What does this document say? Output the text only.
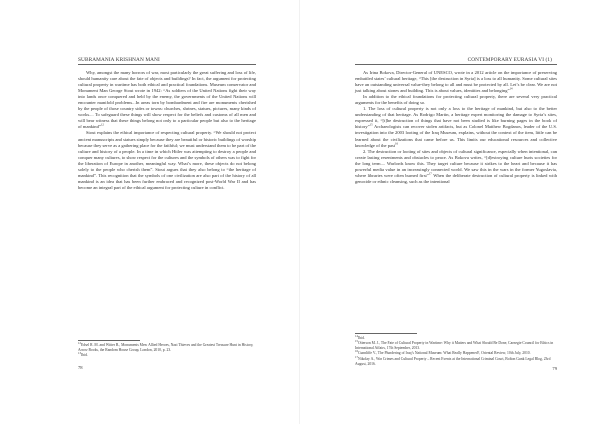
SUBRAMANIA KRISHNAN MANI

Why, amongst the many horrors of war, most particularly the great suffering and loss of life, should humanity care about the fate of objects and buildings? In fact, the argument for protecting cultural property in wartime has both ethical and practical foundations. Museum conservator and Monument Man George Stout wrote in 1942: “As soldiers of the United Nations fight their way into lands once conquered and held by the enemy, the governments of the United Nations will encounter manifold problems...In areas torn by bombardment and fire are monuments cherished by the people of those country sides or towns: churches, shrines, statues, pictures, many kinds of works.... To safeguard these things will show respect for the beliefs and customs of all men and will bear witness that these things belong not only to a particular people but also to the heritage of mankind”$^{12}$

Stout explains the ethical importance of respecting cultural property. “We should not protect ancient manuscripts and statues simply because they are beautiful or historic buildings of worship because they serve as a gathering place for the faithful; we must understand them to be part of the culture and history of a people. In a time in which Hitler was attempting to destroy a people and conquer many cultures, to show respect for the cultures and the symbols of others was to fight for the liberation of Europe in another, meaningful way. What’s more, these objects do not belong solely to the people who cherish them”. Stout argues that they also belong to “the heritage of mankind”. This recognition that the symbols of one civilization are also part of the history of all mankind is an idea that has been further embraced and recognized post-World War II and has become an integral part of the ethical argument for protecting culture in conflict.

$^{12}$Edsel R. M. and Witter B., Monuments Men: Allied Heroes, Nazi Thieves and the Greatest Treasure Hunt in History, Arrow Books, the Random House Group, London, 2010, p. 23.
$^{13}$Ibid.
78
CONTEMPORARY EURASIA VI (1)

As Irina Bokova, Director-General of UNESCO, wrote in a 2012 article on the importance of preserving embattled states’ cultural heritage, “This [the destruction in Syria] is a loss to all humanity. Some cultural sites have an outstanding universal value-they belong to all and must be protected by all. Let’s be clear. We are not just talking about stones and building. This is about values, identities and belonging”$^{14}$

In addition to the ethical foundations for protecting cultural property, there are several very practical arguments for the benefits of doing so.

1. The loss of cultural property is not only a loss to the heritage of mankind, but also to the better understanding of that heritage. As Rodrigo Martin, a heritage expert monitoring the damage to Syria’s sites, expressed it, “[t]he destruction of things that have not been studied is like burning pages in the book of history”$^{15}$ Archaeologists can recover stolen artifacts, but as Colonel Matthew Bogdanos, leader of the U.S. investigation into the 2003 looting of the Iraq Museum, explains, without the context of the item, little can be learned about the civilizations that came before us. This limits our educational resources and collective knowledge of the past$^{16}$

2. The destruction or looting of sites and objects of cultural significance, especially when intentional, can create lasting resentments and obstacles to peace. As Bokova writes, “[d]estroying culture hurts societies for the long term.... Warlords know this. They target culture because it strikes to the heart and because it has powerful media value in an increasingly connected world. We saw this in the wars in the former Yugoslavia, where libraries were often burned first”$^{17}$ When the deliberate destruction of cultural property is linked with genocide or ethnic cleansing, such as the intentional

$^{14}$Ibid.
$^{15}$Otterson M. J., The Fate of Cultural Property in Wartime: Why it Matters and What Should Be Done, Carnegie Council for Ethics in International Affairs, 17th September, 2013.
$^{16}$Cunnliffe V., The Plundering of Iraq’s National Museum: What Really Happened?, Oriental Review, 10th July, 2010.
$^{17}$Nikolay A., War Crimes and Cultural Property – Recent Events at the International Criminal Court, Bolton Gunk Legal Blog, 23rd August, 2016.
79
